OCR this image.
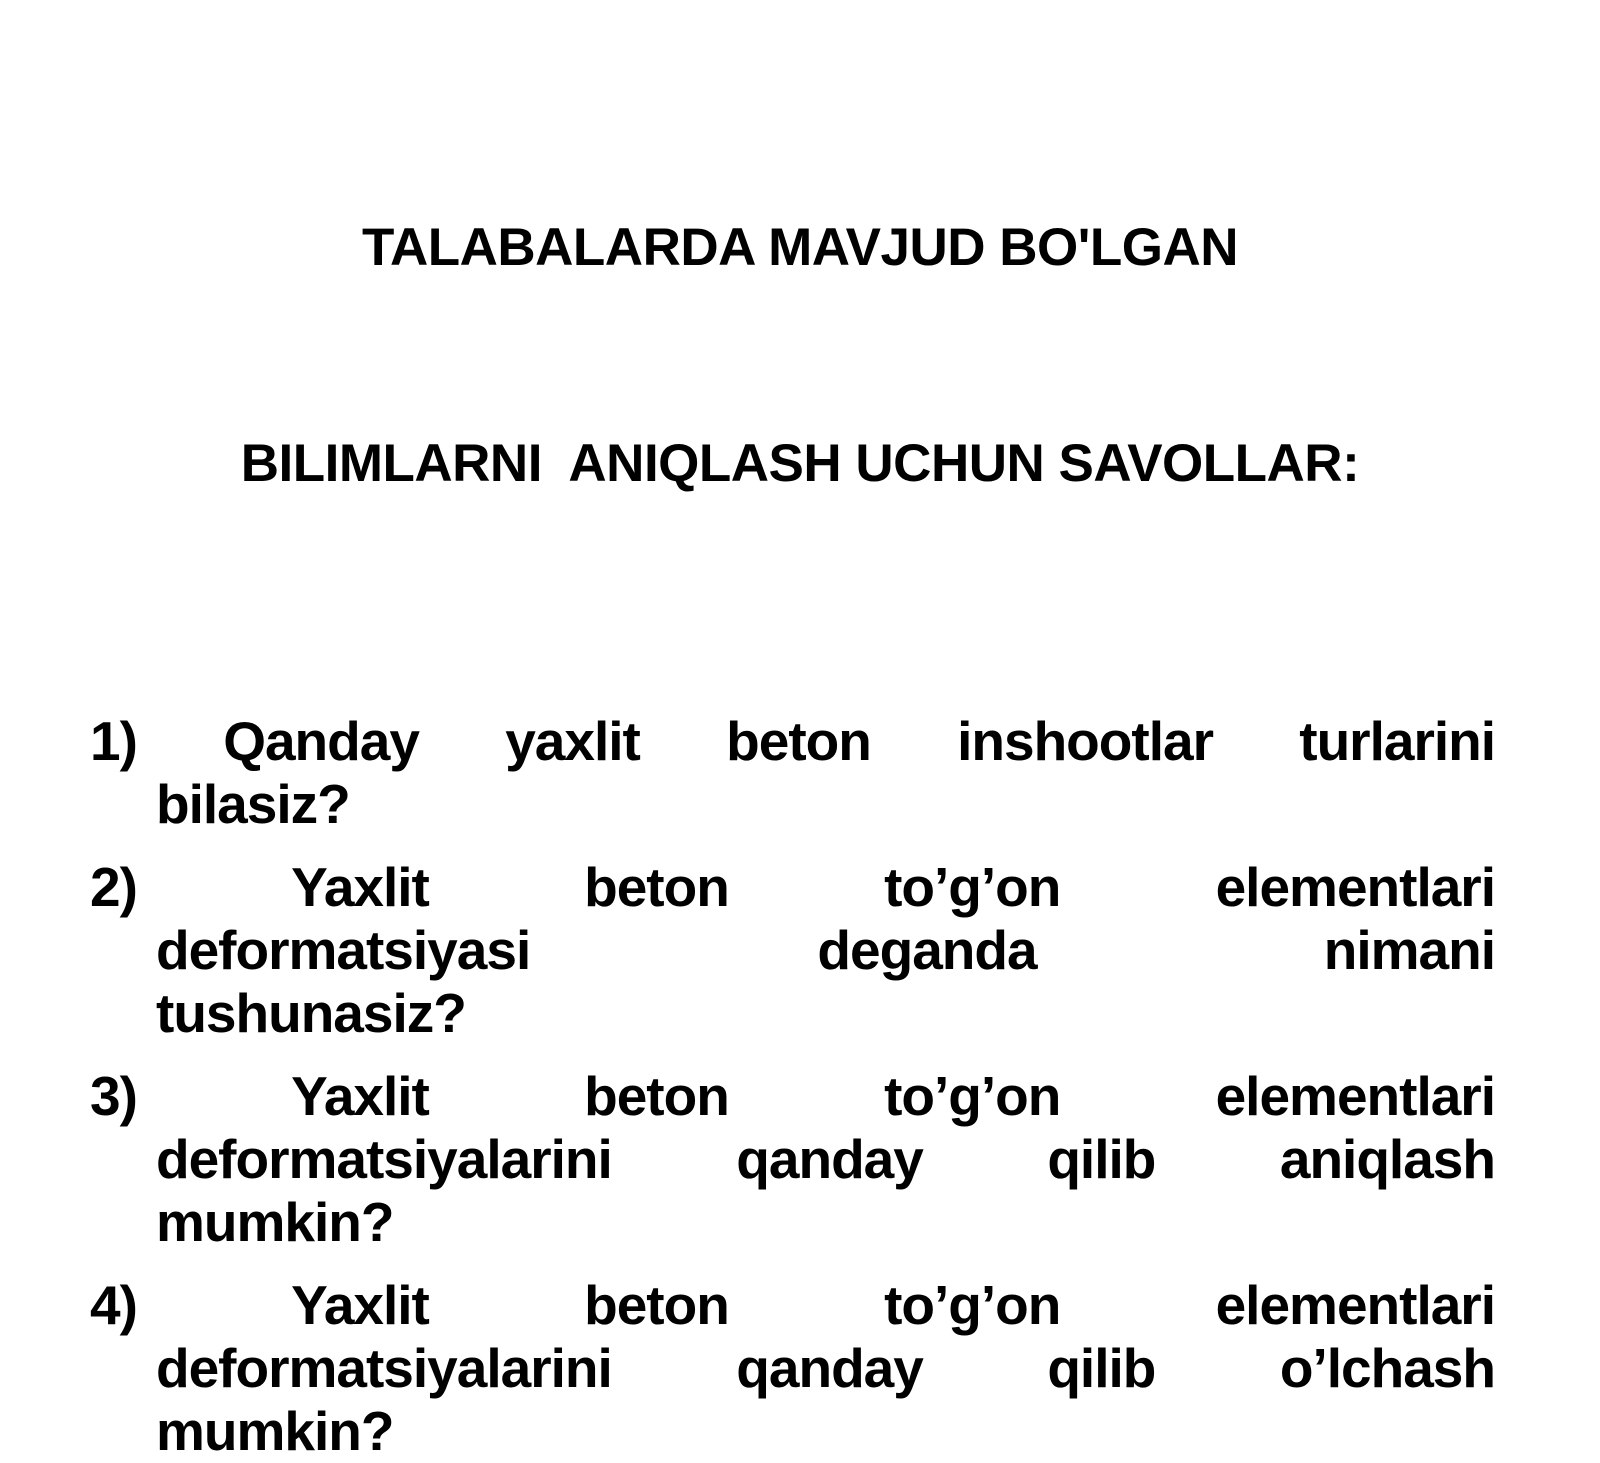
TALABALARDA MAVJUD BO'LGAN

BILIMLARNI  ANIQLASH UCHUN SAVOLLAR:

1) Qanday yaxlit beton inshootlar turlarini
bilasiz?
2) Yaxlit beton to’g’on elementlari
deformatsiyasi deganda nimani
tushunasiz?
3) Yaxlit beton to’g’on elementlari
deformatsiyalarini qanday qilib aniqlash
mumkin?
4) Yaxlit beton to’g’on elementlari
deformatsiyalarini qanday qilib o’lchash
mumkin?
